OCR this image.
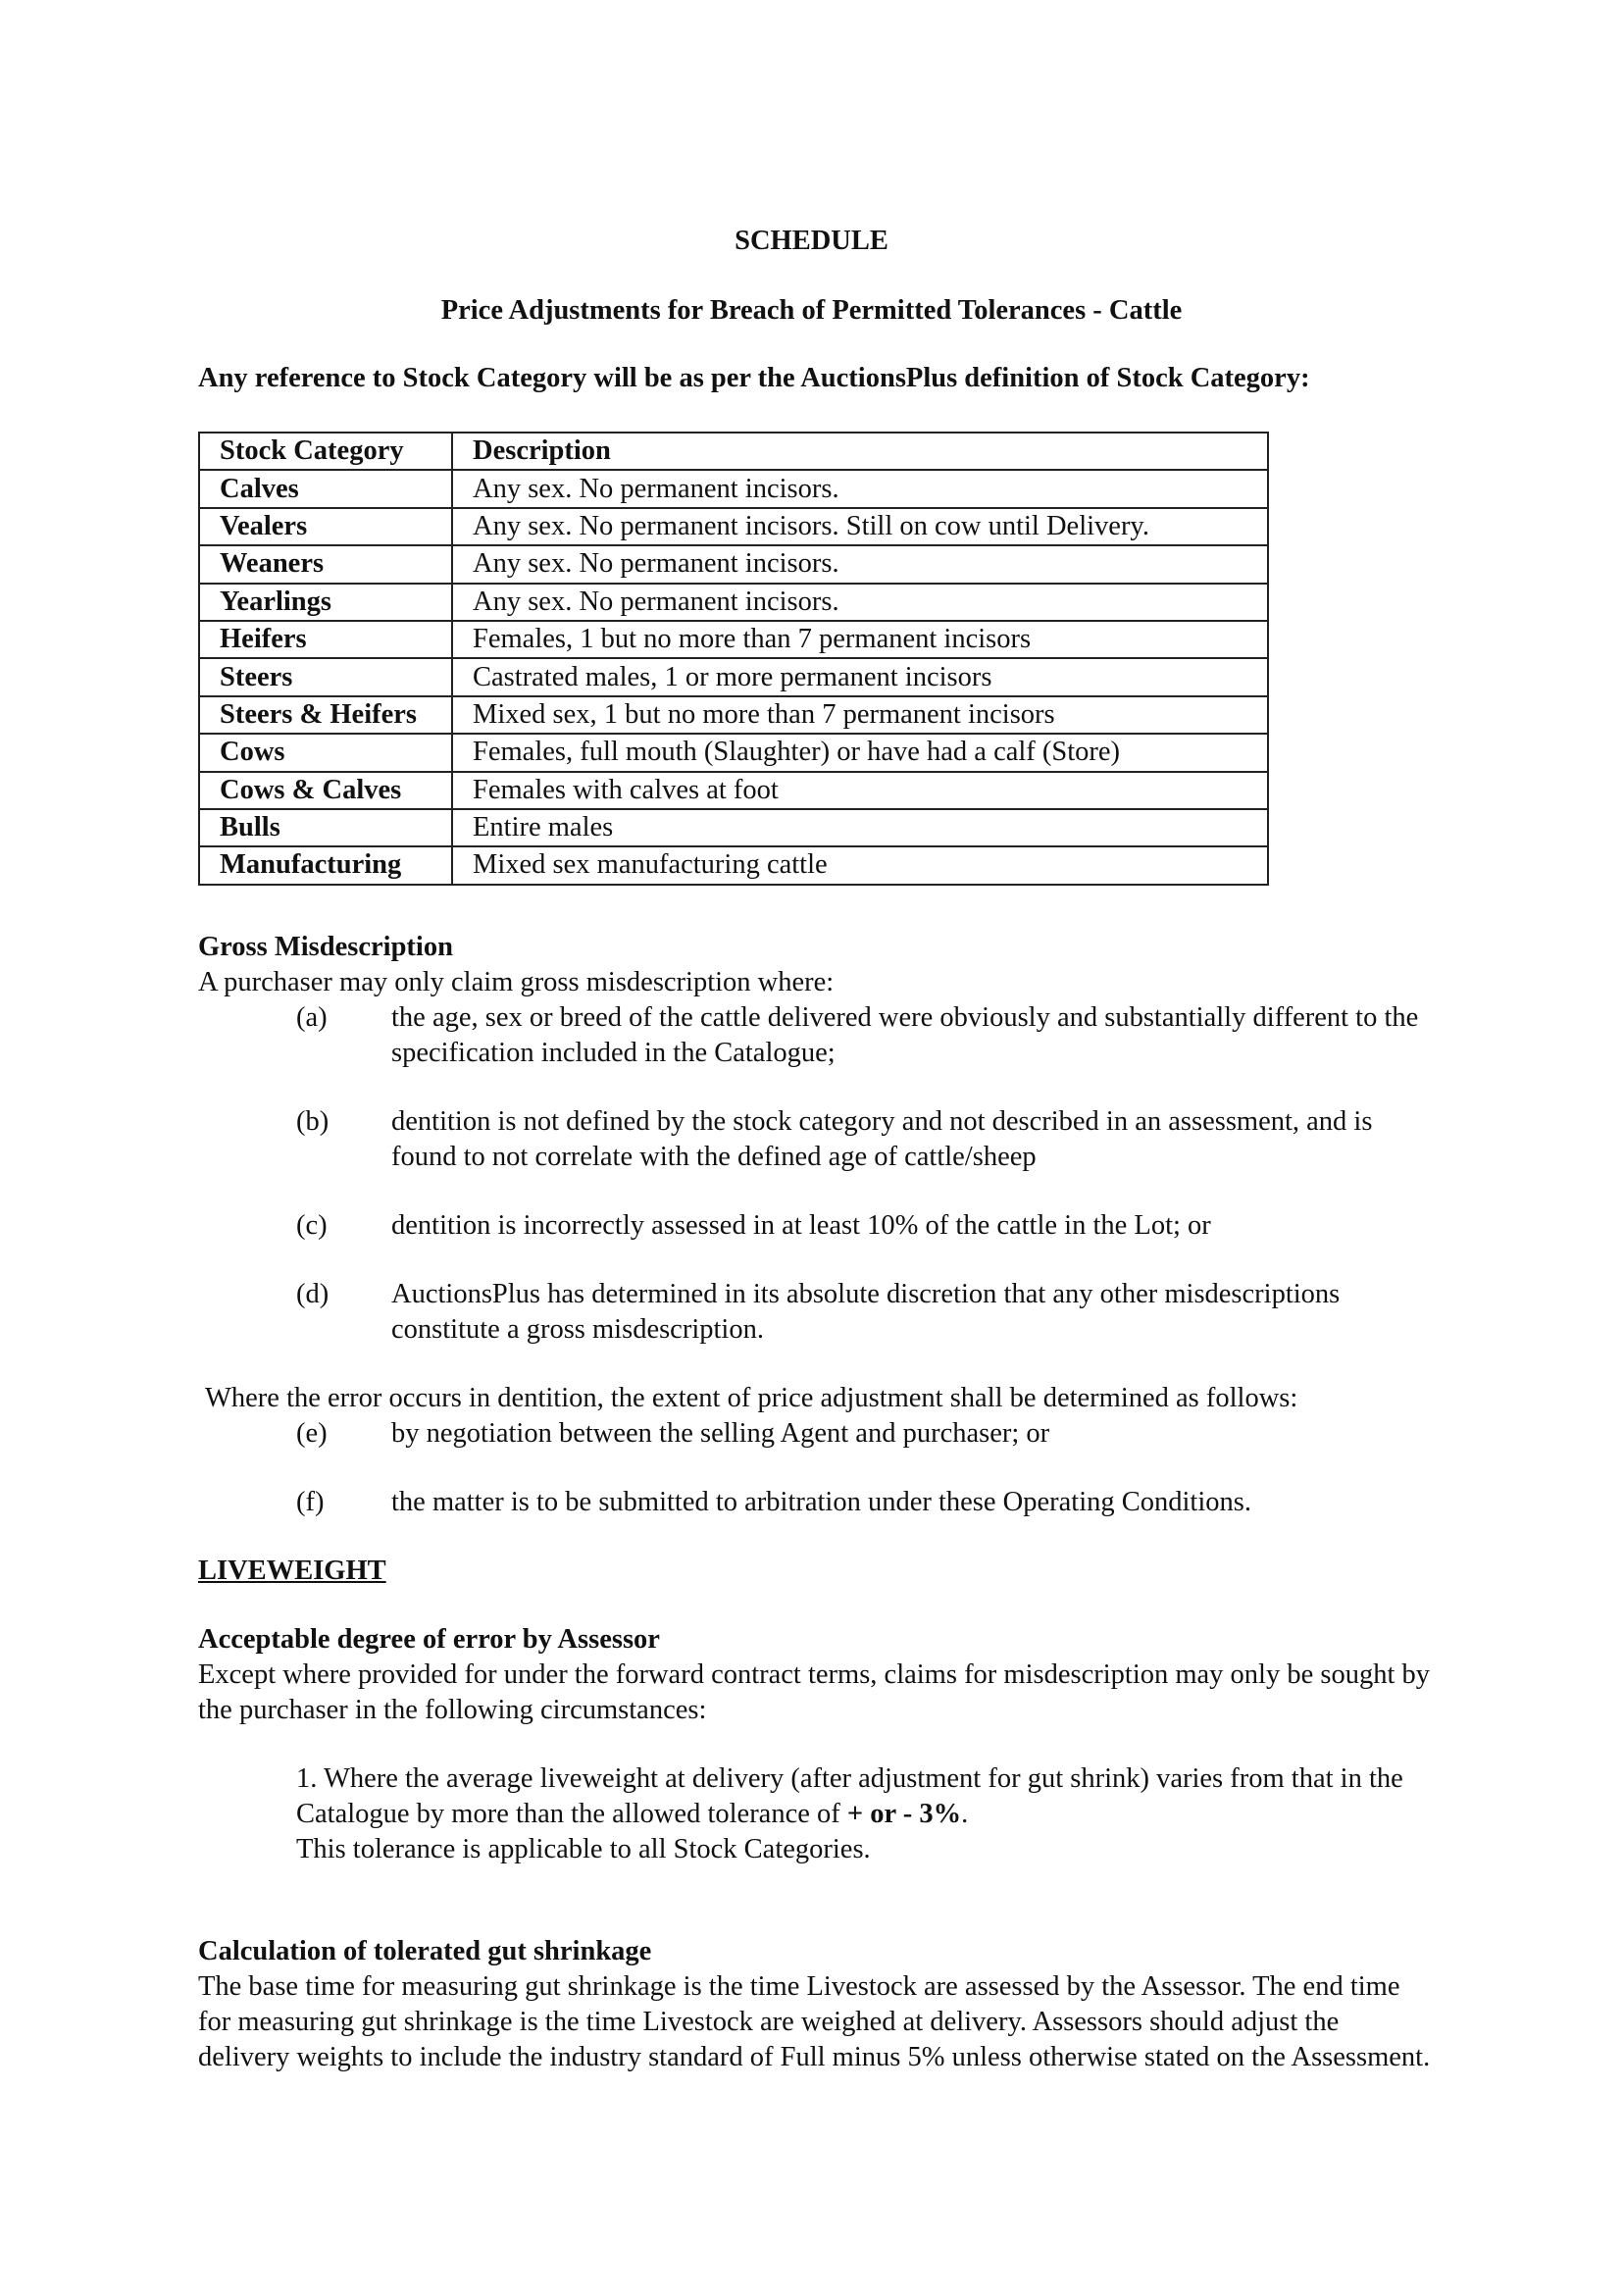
SCHEDULE
Price Adjustments for Breach of Permitted Tolerances - Cattle
Any reference to Stock Category will be as per the AuctionsPlus definition of Stock Category:
Stock Category	Description
Calves	Any sex. No permanent incisors.
Vealers	Any sex. No permanent incisors. Still on cow until Delivery.
Weaners	Any sex. No permanent incisors.
Yearlings	Any sex. No permanent incisors.
Heifers	Females, 1 but no more than 7 permanent incisors
Steers	Castrated males, 1 or more permanent incisors
Steers & Heifers	Mixed sex, 1 but no more than 7 permanent incisors
Cows	Females, full mouth (Slaughter) or have had a calf (Store)
Cows & Calves	Females with calves at foot
Bulls	Entire males
Manufacturing	Mixed sex manufacturing cattle
Gross Misdescription
A purchaser may only claim gross misdescription where:
(a)	the age, sex or breed of the cattle delivered were obviously and substantially different to the specification included in the Catalogue;
(b)	dentition is not defined by the stock category and not described in an assessment, and is found to not correlate with the defined age of cattle/sheep
(c)	dentition is incorrectly assessed in at least 10% of the cattle in the Lot; or
(d)	AuctionsPlus has determined in its absolute discretion that any other misdescriptions constitute a gross misdescription.
Where the error occurs in dentition, the extent of price adjustment shall be determined as follows:
(e)	by negotiation between the selling Agent and purchaser; or
(f)	the matter is to be submitted to arbitration under these Operating Conditions.
LIVEWEIGHT
Acceptable degree of error by Assessor
Except where provided for under the forward contract terms, claims for misdescription may only be sought by the purchaser in the following circumstances:
1. Where the average liveweight at delivery (after adjustment for gut shrink) varies from that in the Catalogue by more than the allowed tolerance of + or - 3%.
This tolerance is applicable to all Stock Categories.
Calculation of tolerated gut shrinkage
The base time for measuring gut shrinkage is the time Livestock are assessed by the Assessor. The end time for measuring gut shrinkage is the time Livestock are weighed at delivery. Assessors should adjust the delivery weights to include the industry standard of Full minus 5% unless otherwise stated on the Assessment.
